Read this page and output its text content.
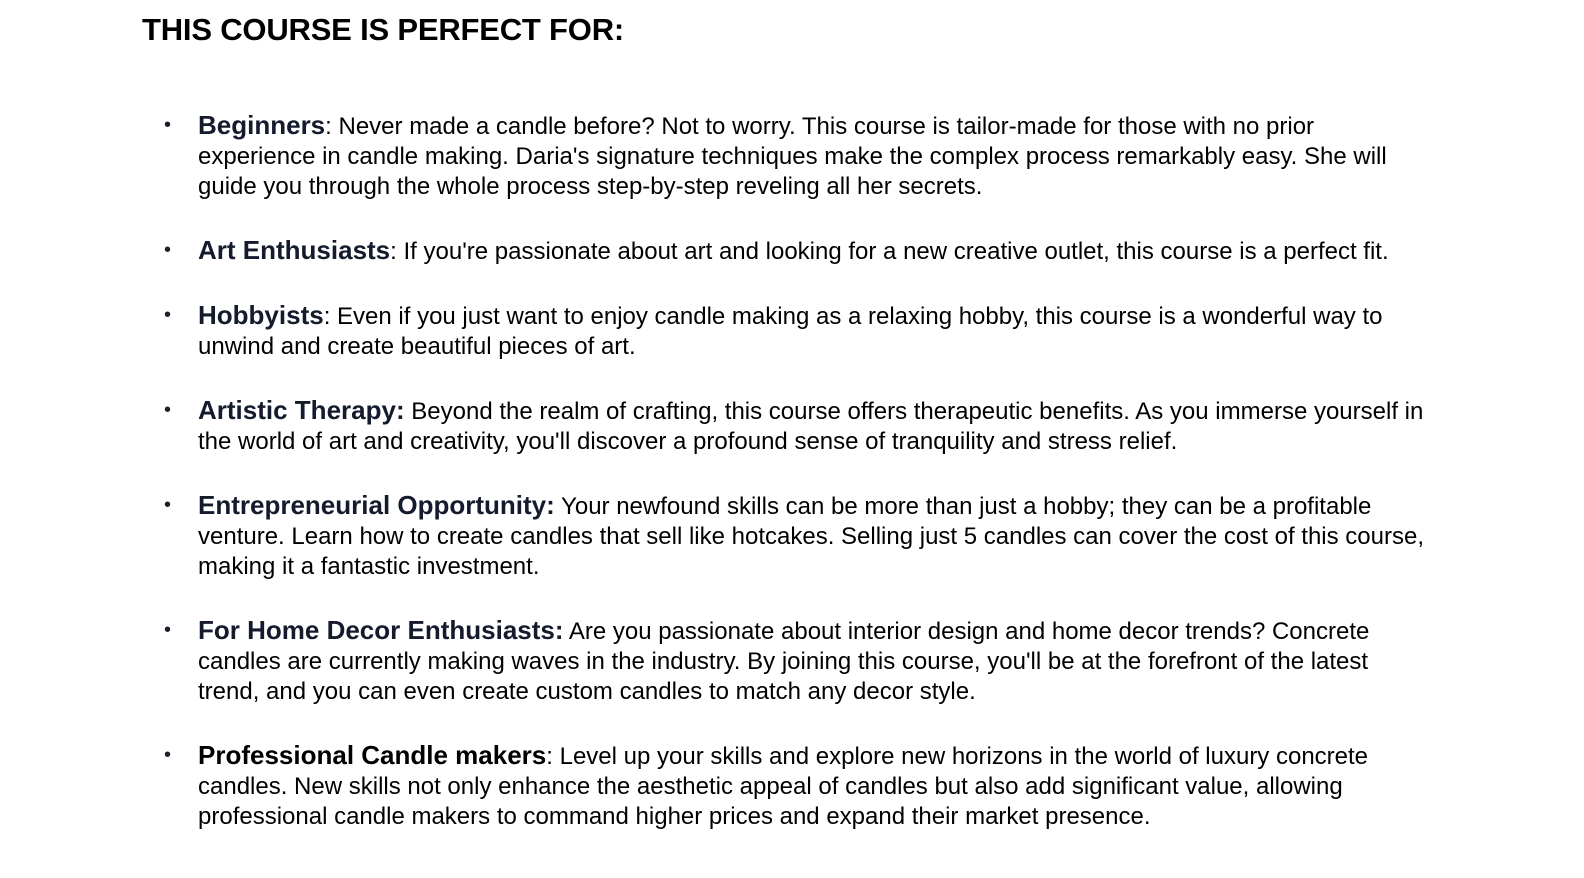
THIS COURSE IS PERFECT FOR:
• Beginners: Never made a candle before? Not to worry. This course is tailor-made for those with no prior experience in candle making. Daria's signature techniques make the complex process remarkably easy. She will guide you through the whole process step-by-step reveling all her secrets.
• Art Enthusiasts: If you're passionate about art and looking for a new creative outlet, this course is a perfect fit.
• Hobbyists: Even if you just want to enjoy candle making as a relaxing hobby, this course is a wonderful way to unwind and create beautiful pieces of art.
• Artistic Therapy: Beyond the realm of crafting, this course offers therapeutic benefits. As you immerse yourself in the world of art and creativity, you'll discover a profound sense of tranquility and stress relief.
• Entrepreneurial Opportunity: Your newfound skills can be more than just a hobby; they can be a profitable venture. Learn how to create candles that sell like hotcakes. Selling just 5 candles can cover the cost of this course, making it a fantastic investment.
• For Home Decor Enthusiasts: Are you passionate about interior design and home decor trends? Concrete candles are currently making waves in the industry. By joining this course, you'll be at the forefront of the latest trend, and you can even create custom candles to match any decor style.
• Professional Candle makers: Level up your skills and explore new horizons in the world of luxury concrete candles. New skills not only enhance the aesthetic appeal of candles but also add significant value, allowing professional candle makers to command higher prices and expand their market presence.
